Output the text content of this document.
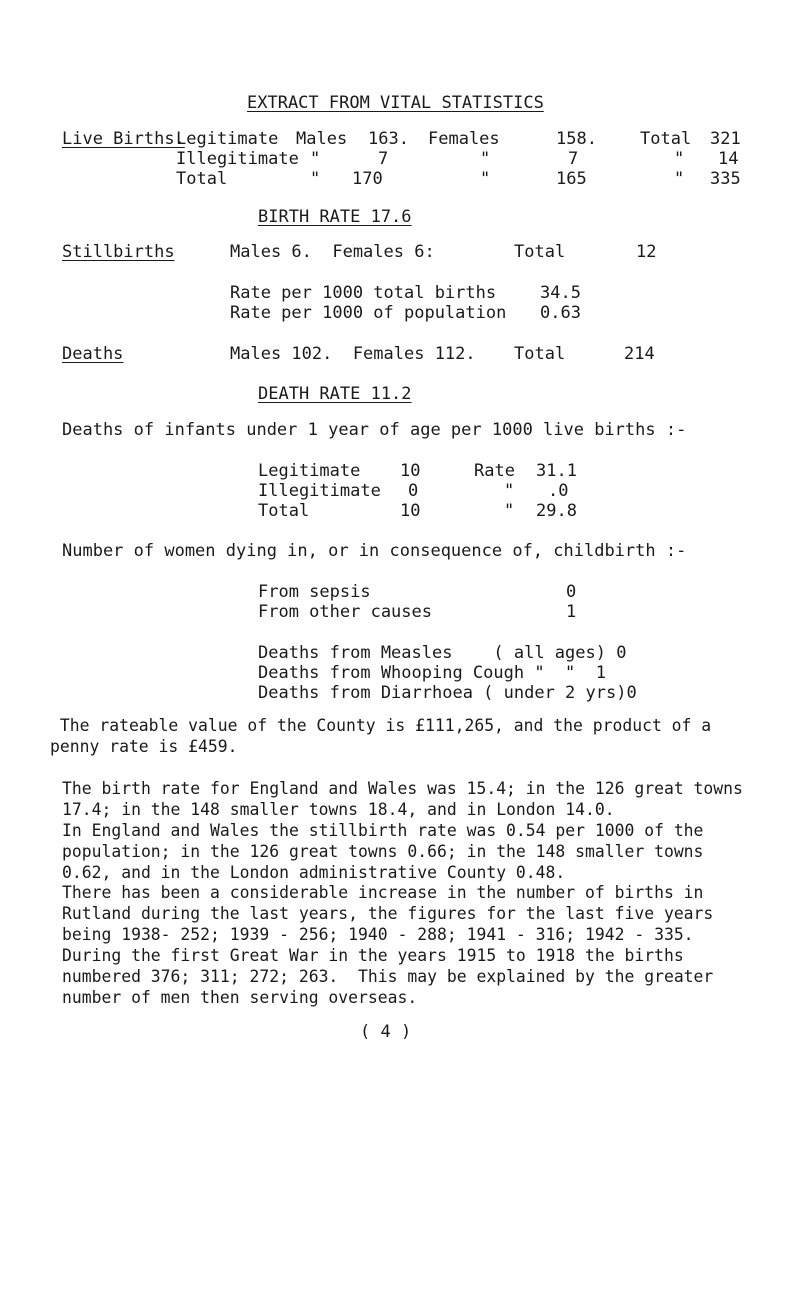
EXTRACT FROM VITAL STATISTICS
Live Births.
Legitimate Males 163. Females	158.	Total 321
Illegitimate "	7	"	7	" 14
Total	" 170	"	165	" 335
BIRTH RATE 17.6
Stillbirths	Males 6.  Females 6:	Total	12
Rate per 1000 total births	34.5
Rate per 1000 of population 0.63
Deaths	Males 102.  Females 112. Total	214
DEATH RATE 11.2
Deaths of infants under 1 year of age per 1000 live births :-
Legitimate 10	Rate 31.1
Illegitimate 0	" .0
Total	10	" 29.8
Number of women dying in, or in consequence of, childbirth :-
From sepsis	0
From other causes	1
Deaths from Measles    ( all ages) 0
Deaths from Whooping Cough "  "  1
Deaths from Diarrhoea ( under 2 yrs)0
The rateable value of the County is £111,265, and the product of a
penny rate is £459.
The birth rate for England and Wales was 15.4; in the 126 great towns
17.4; in the 148 smaller towns 18.4, and in London 14.0.
In England and Wales the stillbirth rate was 0.54 per 1000 of the
population; in the 126 great towns 0.66; in the 148 smaller towns
0.62, and in the London administrative County 0.48.
There has been a considerable increase in the number of births in
Rutland during the last years, the figures for the last five years
being 1938- 252; 1939 - 256; 1940 - 288; 1941 - 316; 1942 - 335.
During the first Great War in the years 1915 to 1918 the births
numbered 376; 311; 272; 263.  This may be explained by the greater
number of men then serving overseas.
( 4 )
